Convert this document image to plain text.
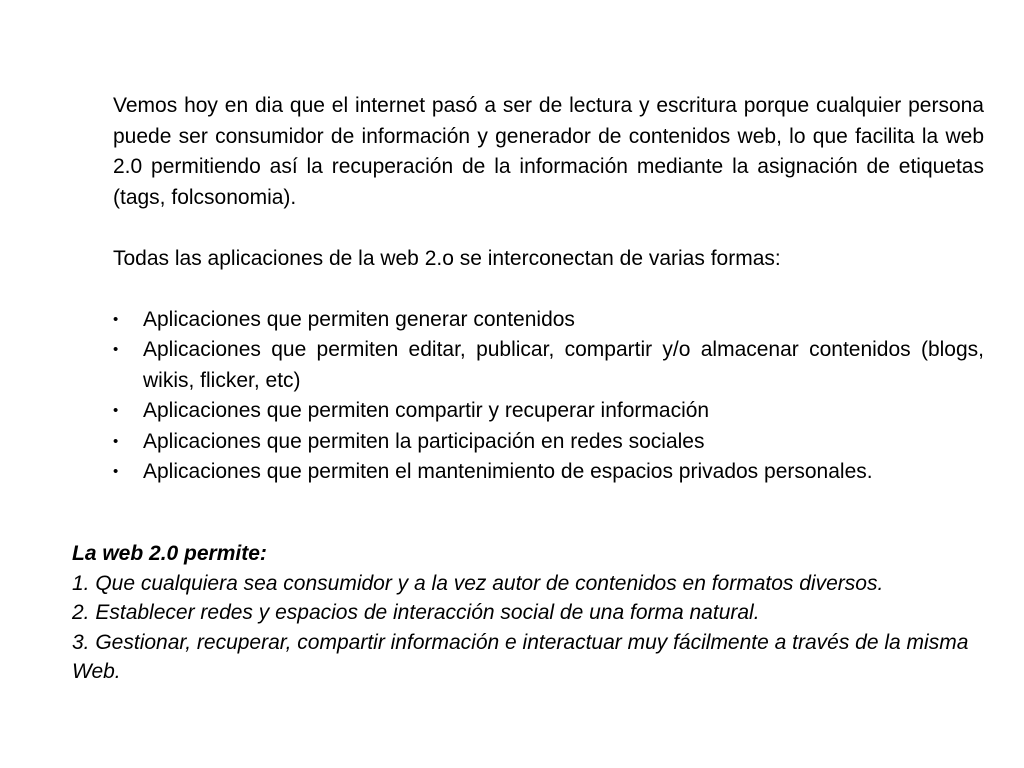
Vemos hoy en dia que el internet pasó a ser de lectura y escritura porque cualquier persona puede ser consumidor de información y generador de contenidos web, lo que facilita la web 2.0 permitiendo así la recuperación de la información mediante la asignación de etiquetas (tags, folcsonomia).

Todas las aplicaciones de la web 2.o se interconectan de varias formas:

•	Aplicaciones que permiten generar contenidos
•	Aplicaciones que permiten editar, publicar, compartir y/o almacenar contenidos (blogs, wikis, flicker, etc)
•	Aplicaciones que permiten compartir y recuperar información
•	Aplicaciones que permiten la participación en redes sociales
•	Aplicaciones que permiten el mantenimiento de espacios privados personales.

La web 2.0 permite:

1. Que cualquiera sea consumidor y a la vez autor de contenidos en formatos diversos.

2. Establecer redes y espacios de interacción social de una forma natural.

3. Gestionar, recuperar, compartir información e interactuar muy fácilmente a través de la misma Web.
